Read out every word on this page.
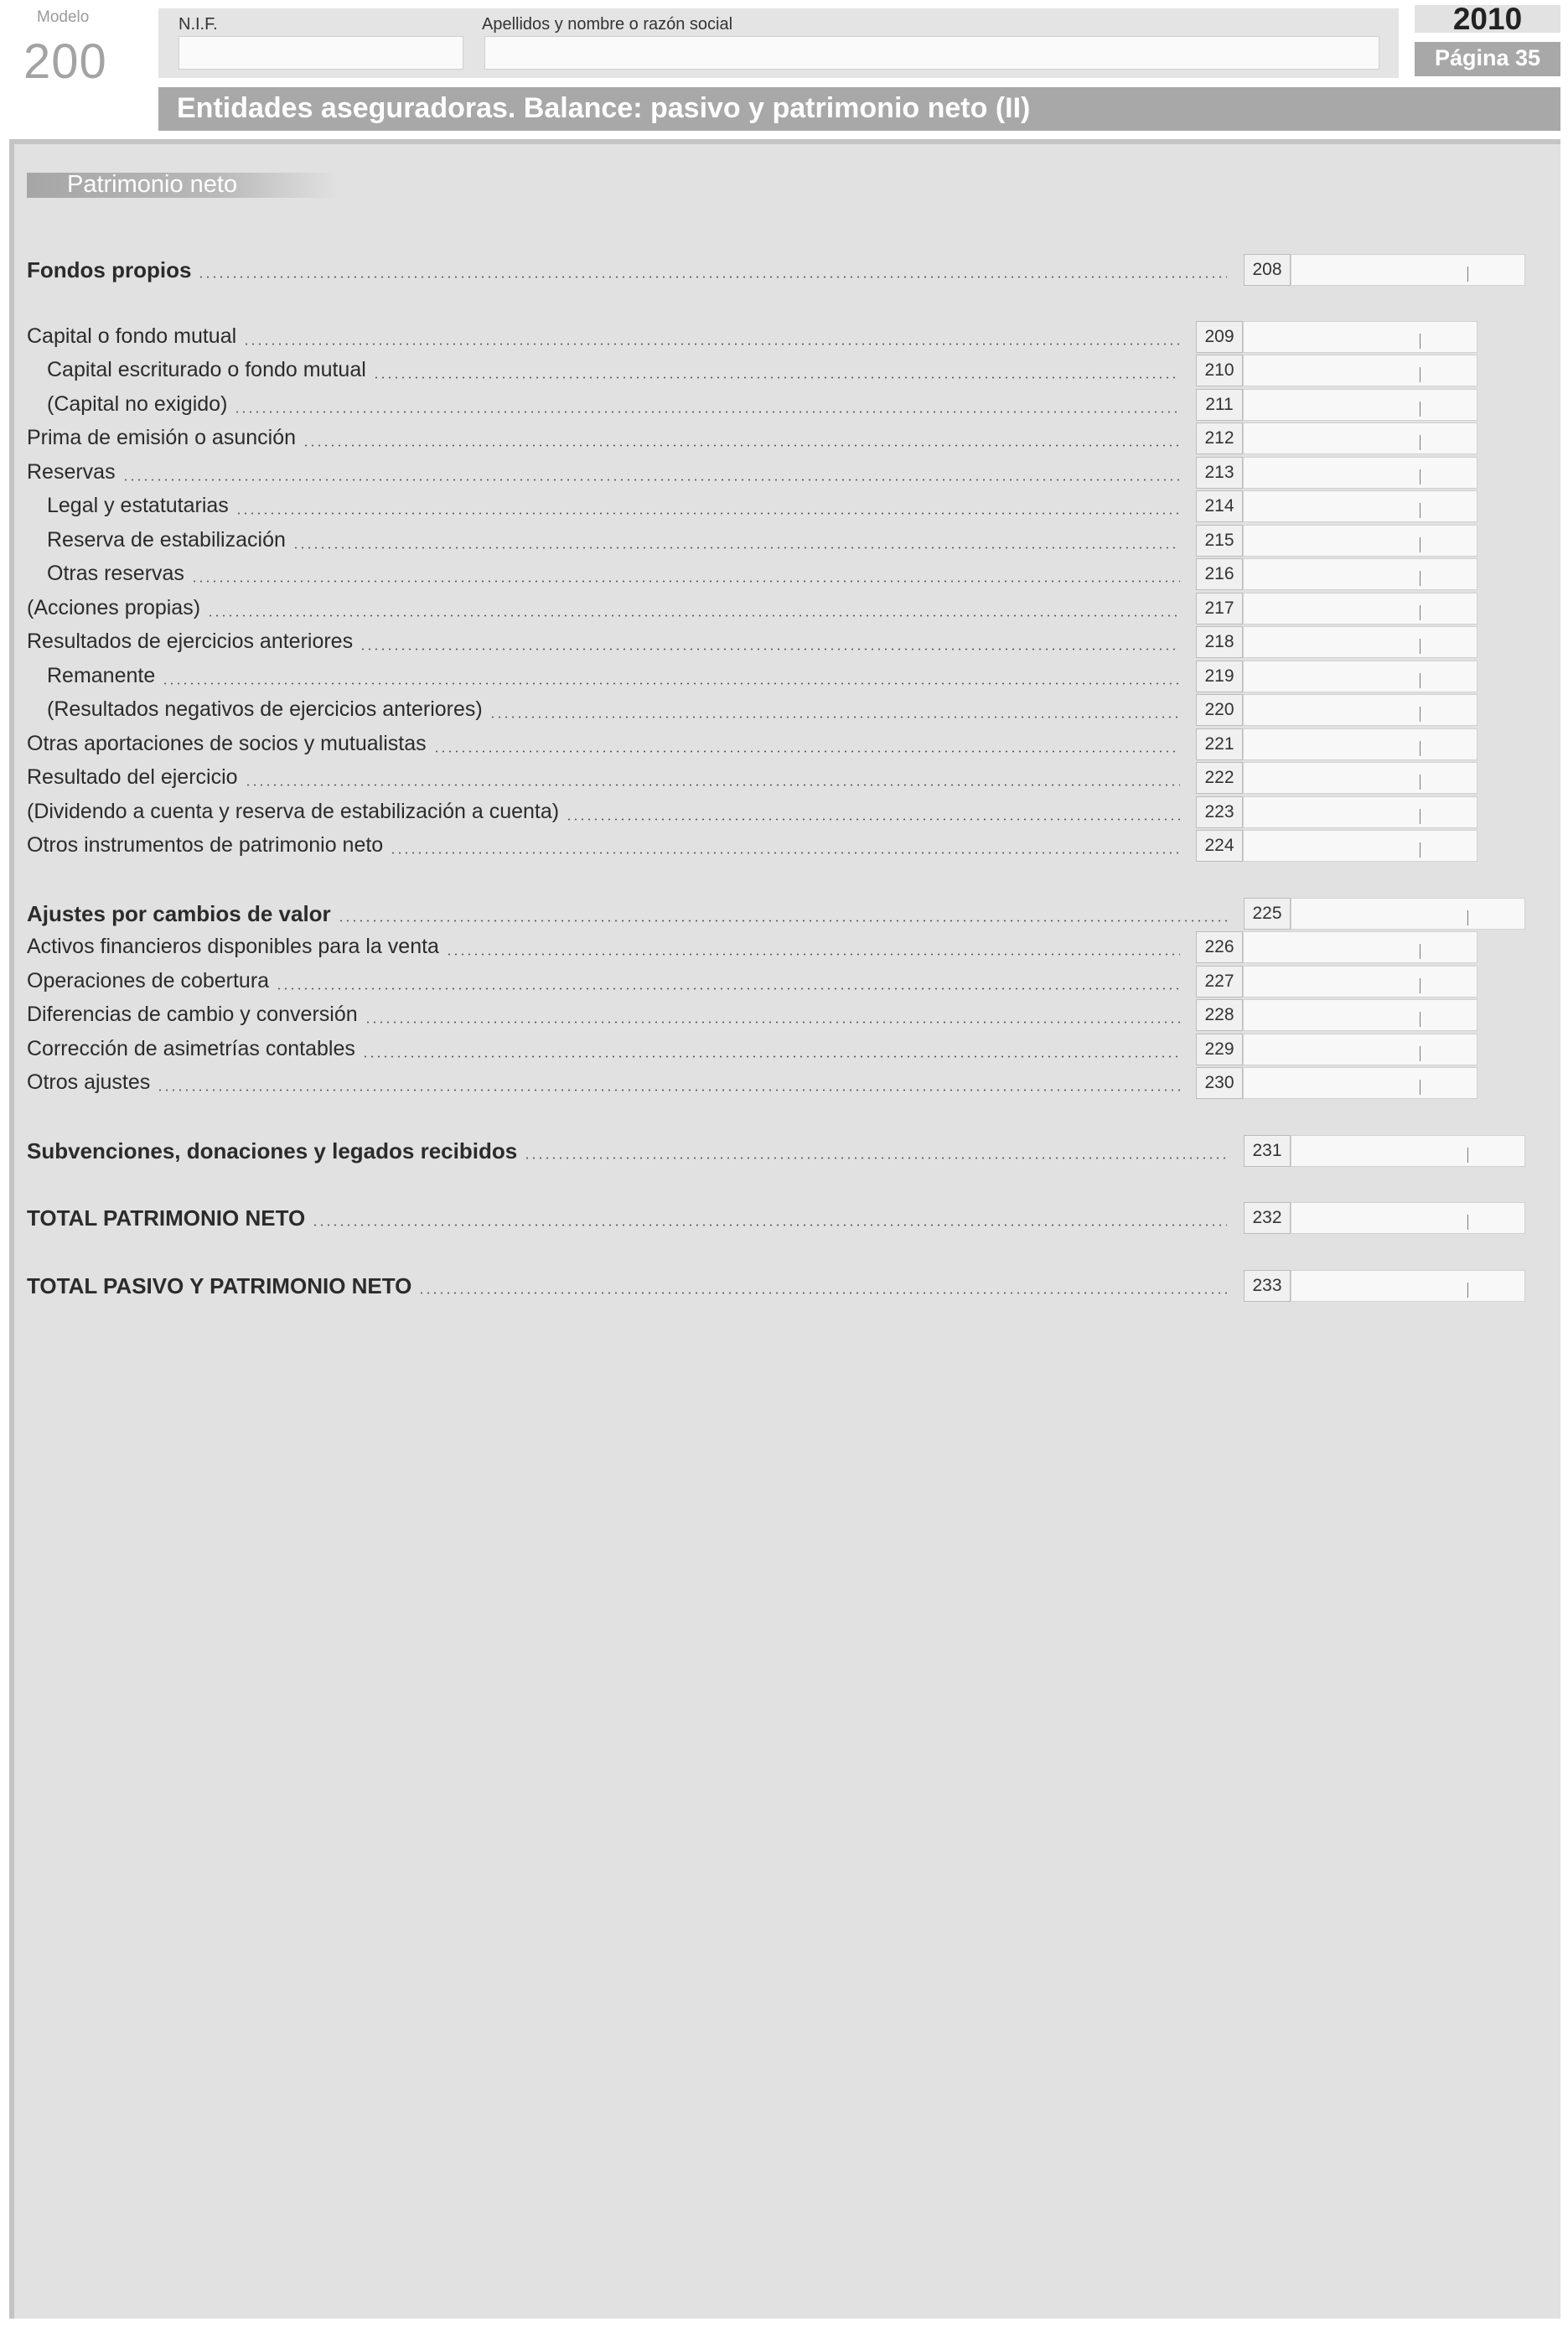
Modelo
200
N.I.F.	Apellidos y nombre o razón social	2010
Página 35
Entidades aseguradoras. Balance: pasivo y patrimonio neto (II)
Patrimonio neto
Fondos propios	208
Capital o fondo mutual	209
Capital escriturado o fondo mutual	210
(Capital no exigido)	211
Prima de emisión o asunción	212
Reservas	213
Legal y estatutarias	214
Reserva de estabilización	215
Otras reservas	216
(Acciones propias)	217
Resultados de ejercicios anteriores	218
Remanente	219
(Resultados negativos de ejercicios anteriores)	220
Otras aportaciones de socios y mutualistas	221
Resultado del ejercicio	222
(Dividendo a cuenta y reserva de estabilización a cuenta)	223
Otros instrumentos de patrimonio neto	224
Ajustes por cambios de valor	225
Activos financieros disponibles para la venta	226
Operaciones de cobertura	227
Diferencias de cambio y conversión	228
Corrección de asimetrías contables	229
Otros ajustes	230
Subvenciones, donaciones y legados recibidos	231
TOTAL PATRIMONIO NETO	232
TOTAL PASIVO Y PATRIMONIO NETO	233
